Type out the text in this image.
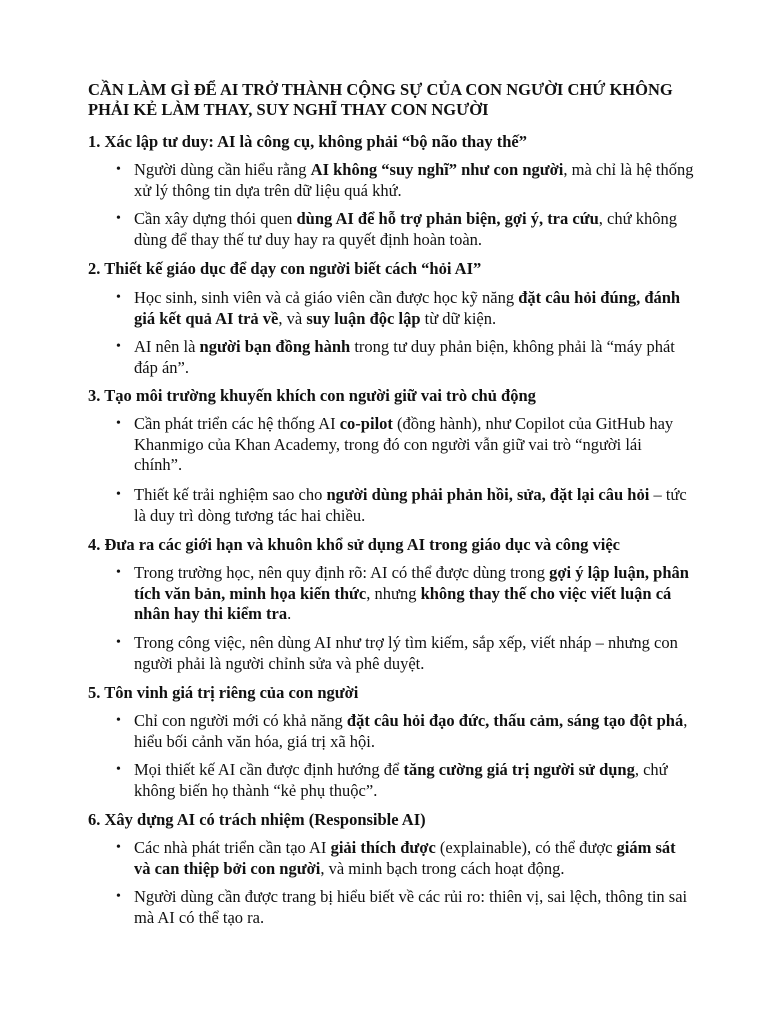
CẦN LÀM GÌ ĐỂ AI TRỞ THÀNH CỘNG SỰ CỦA CON NGƯỜI CHỨ KHÔNG PHẢI KẺ LÀM THAY, SUY NGHĨ THAY CON NGƯỜI
1. Xác lập tư duy: AI là công cụ, không phải “bộ não thay thế”
• Người dùng cần hiểu rằng AI không “suy nghĩ” như con người, mà chỉ là hệ thống xử lý thông tin dựa trên dữ liệu quá khứ.
• Cần xây dựng thói quen dùng AI để hỗ trợ phản biện, gợi ý, tra cứu, chứ không dùng để thay thế tư duy hay ra quyết định hoàn toàn.
2. Thiết kế giáo dục để dạy con người biết cách “hỏi AI”
• Học sinh, sinh viên và cả giáo viên cần được học kỹ năng đặt câu hỏi đúng, đánh giá kết quả AI trả về, và suy luận độc lập từ dữ kiện.
• AI nên là người bạn đồng hành trong tư duy phản biện, không phải là “máy phát đáp án”.
3. Tạo môi trường khuyến khích con người giữ vai trò chủ động
• Cần phát triển các hệ thống AI co-pilot (đồng hành), như Copilot của GitHub hay Khanmigo của Khan Academy, trong đó con người vẫn giữ vai trò “người lái chính”.
• Thiết kế trải nghiệm sao cho người dùng phải phản hồi, sửa, đặt lại câu hỏi – tức là duy trì dòng tương tác hai chiều.
4. Đưa ra các giới hạn và khuôn khổ sử dụng AI trong giáo dục và công việc
• Trong trường học, nên quy định rõ: AI có thể được dùng trong gợi ý lập luận, phân tích văn bản, minh họa kiến thức, nhưng không thay thế cho việc viết luận cá nhân hay thi kiểm tra.
• Trong công việc, nên dùng AI như trợ lý tìm kiếm, sắp xếp, viết nháp – nhưng con người phải là người chỉnh sửa và phê duyệt.
5. Tôn vinh giá trị riêng của con người
• Chỉ con người mới có khả năng đặt câu hỏi đạo đức, thấu cảm, sáng tạo đột phá, hiểu bối cảnh văn hóa, giá trị xã hội.
• Mọi thiết kế AI cần được định hướng để tăng cường giá trị người sử dụng, chứ không biến họ thành “kẻ phụ thuộc”.
6. Xây dựng AI có trách nhiệm (Responsible AI)
• Các nhà phát triển cần tạo AI giải thích được (explainable), có thể được giám sát và can thiệp bởi con người, và minh bạch trong cách hoạt động.
• Người dùng cần được trang bị hiểu biết về các rủi ro: thiên vị, sai lệch, thông tin sai mà AI có thể tạo ra.
